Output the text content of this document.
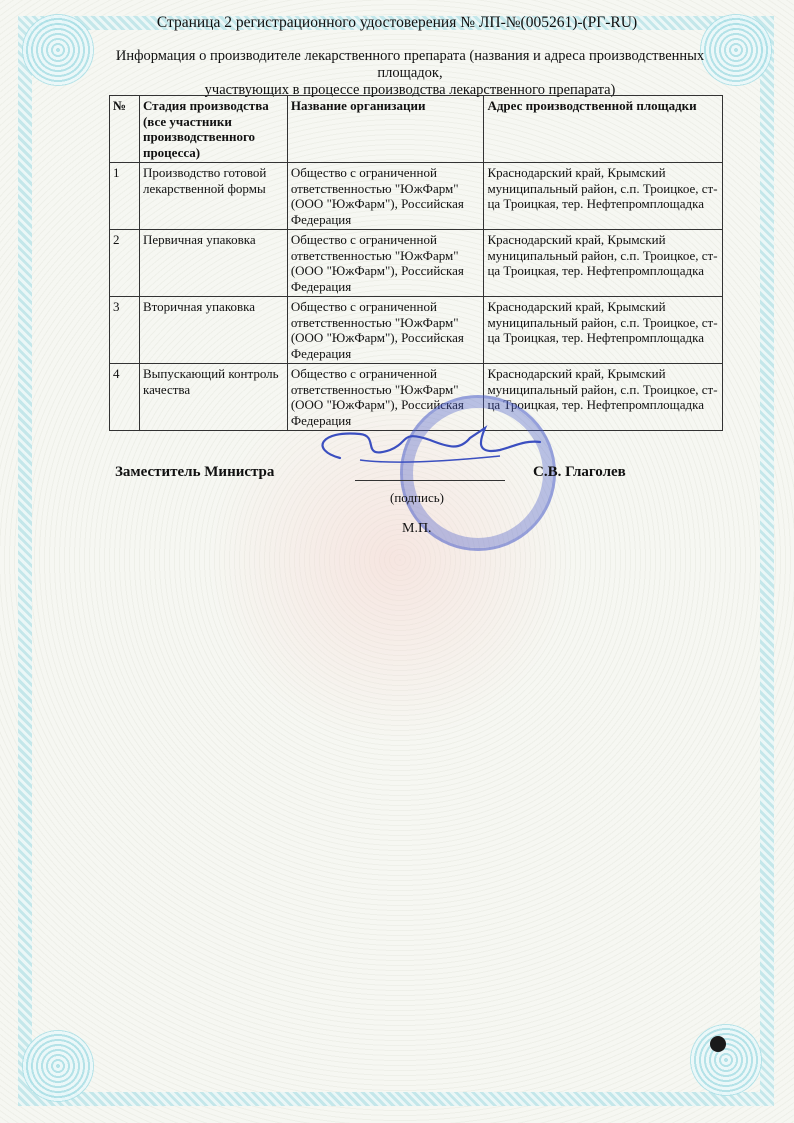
Страница 2 регистрационного удостоверения № ЛП-№(005261)-(РГ-RU)
Информация о производителе лекарственного препарата (названия и адреса производственных площадок,
участвующих в процессе производства лекарственного препарата)
№	Стадия производства (все участники производственного процесса)	Название организации	Адрес производственной площадки
1	Производство готовой лекарственной формы	Общество с ограниченной ответственностью "ЮжФарм" (ООО "ЮжФарм"), Российская Федерация	Краснодарский край, Крымский муниципальный район, с.п. Троицкое, ст-ца Троицкая, тер. Нефтепромплощадка
2	Первичная упаковка	Общество с ограниченной ответственностью "ЮжФарм" (ООО "ЮжФарм"), Российская Федерация	Краснодарский край, Крымский муниципальный район, с.п. Троицкое, ст-ца Троицкая, тер. Нефтепромплощадка
3	Вторичная упаковка	Общество с ограниченной ответственностью "ЮжФарм" (ООО "ЮжФарм"), Российская Федерация	Краснодарский край, Крымский муниципальный район, с.п. Троицкое, ст-ца Троицкая, тер. Нефтепромплощадка
4	Выпускающий контроль качества	Общество с ограниченной ответственностью "ЮжФарм" (ООО "ЮжФарм"), Российская Федерация	Краснодарский край, Крымский муниципальный район, с.п. Троицкое, ст-ца Троицкая, тер. Нефтепромплощадка
Заместитель Министра	С.В. Глаголев
(подпись)
М.П.
